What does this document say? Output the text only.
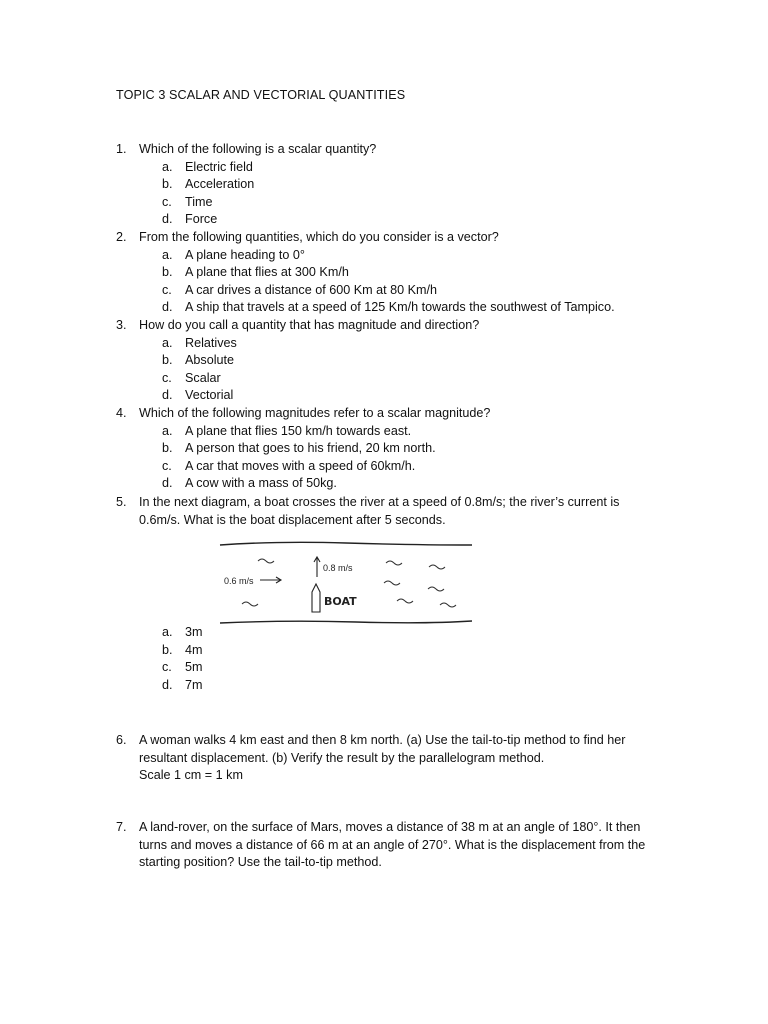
TOPIC 3 SCALAR AND VECTORIAL QUANTITIES
1. Which of the following is a scalar quantity?
a. Electric field
b. Acceleration
c. Time
d. Force
2. From the following quantities, which do you consider is a vector?
a. A plane heading to 0°
b. A plane that flies at 300 Km/h
c. A car drives a distance of 600 Km at 80 Km/h
d. A ship that travels at a speed of 125 Km/h towards the southwest of Tampico.
3. How do you call a quantity that has magnitude and direction?
a. Relatives
b. Absolute
c. Scalar
d. Vectorial
4. Which of the following magnitudes refer to a scalar magnitude?
a. A plane that flies 150 km/h towards east.
b. A person that goes to his friend, 20 km north.
c. A car that moves with a speed of 60km/h.
d. A cow with a mass of 50kg.
5. In the next diagram, a boat crosses the river at a speed of 0.8m/s; the river’s current is
0.6m/s. What is the boat displacement after 5 seconds.
0.6 m/s
0.8 m/s
BOAT
a. 3m
b. 4m
c. 5m
d. 7m
6. A woman walks 4 km east and then 8 km north. (a) Use the tail-to-tip method to find her
resultant displacement. (b) Verify the result by the parallelogram method.
Scale 1 cm = 1 km
7. A land-rover, on the surface of Mars, moves a distance of 38 m at an angle of 180°. It then
turns and moves a distance of 66 m at an angle of 270°. What is the displacement from the
starting position? Use the tail-to-tip method.
